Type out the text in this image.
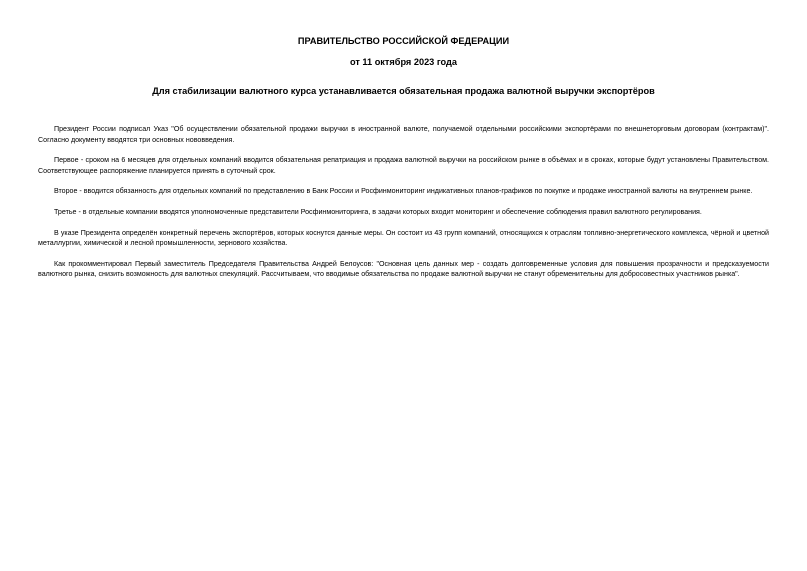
ПРАВИТЕЛЬСТВО РОССИЙСКОЙ ФЕДЕРАЦИИ
от 11 октября 2023 года
Для стабилизации валютного курса устанавливается обязательная продажа валютной выручки экспортёров

Президент России подписал Указ "Об осуществлении обязательной продажи выручки в иностранной валюте, получаемой отдельными российскими экспортёрами по внешнеторговым договорам (контрактам)". Согласно документу вводятся три основных нововведения.

Первое - сроком на 6 месяцев для отдельных компаний вводится обязательная репатриация и продажа валютной выручки на российском рынке в объёмах и в сроках, которые будут установлены Правительством. Соответствующее распоряжение планируется принять в суточный срок.

Второе - вводится обязанность для отдельных компаний по представлению в Банк России и Росфинмониторинг индикативных планов-графиков по покупке и продаже иностранной валюты на внутреннем рынке.

Третье - в отдельные компании вводятся уполномоченные представители Росфинмониторинга, в задачи которых входит мониторинг и обеспечение соблюдения правил валютного регулирования.

В указе Президента определён конкретный перечень экспортёров, которых коснутся данные меры. Он состоит из 43 групп компаний, относящихся к отраслям топливно-энергетического комплекса, чёрной и цветной металлургии, химической и лесной промышленности, зернового хозяйства.

Как прокомментировал Первый заместитель Председателя Правительства Андрей Белоусов: "Основная цель данных мер - создать долговременные условия для повышения прозрачности и предсказуемости валютного рынка, снизить возможность для валютных спекуляций. Рассчитываем, что вводимые обязательства по продаже валютной выручки не станут обременительны для добросовестных участников рынка".
